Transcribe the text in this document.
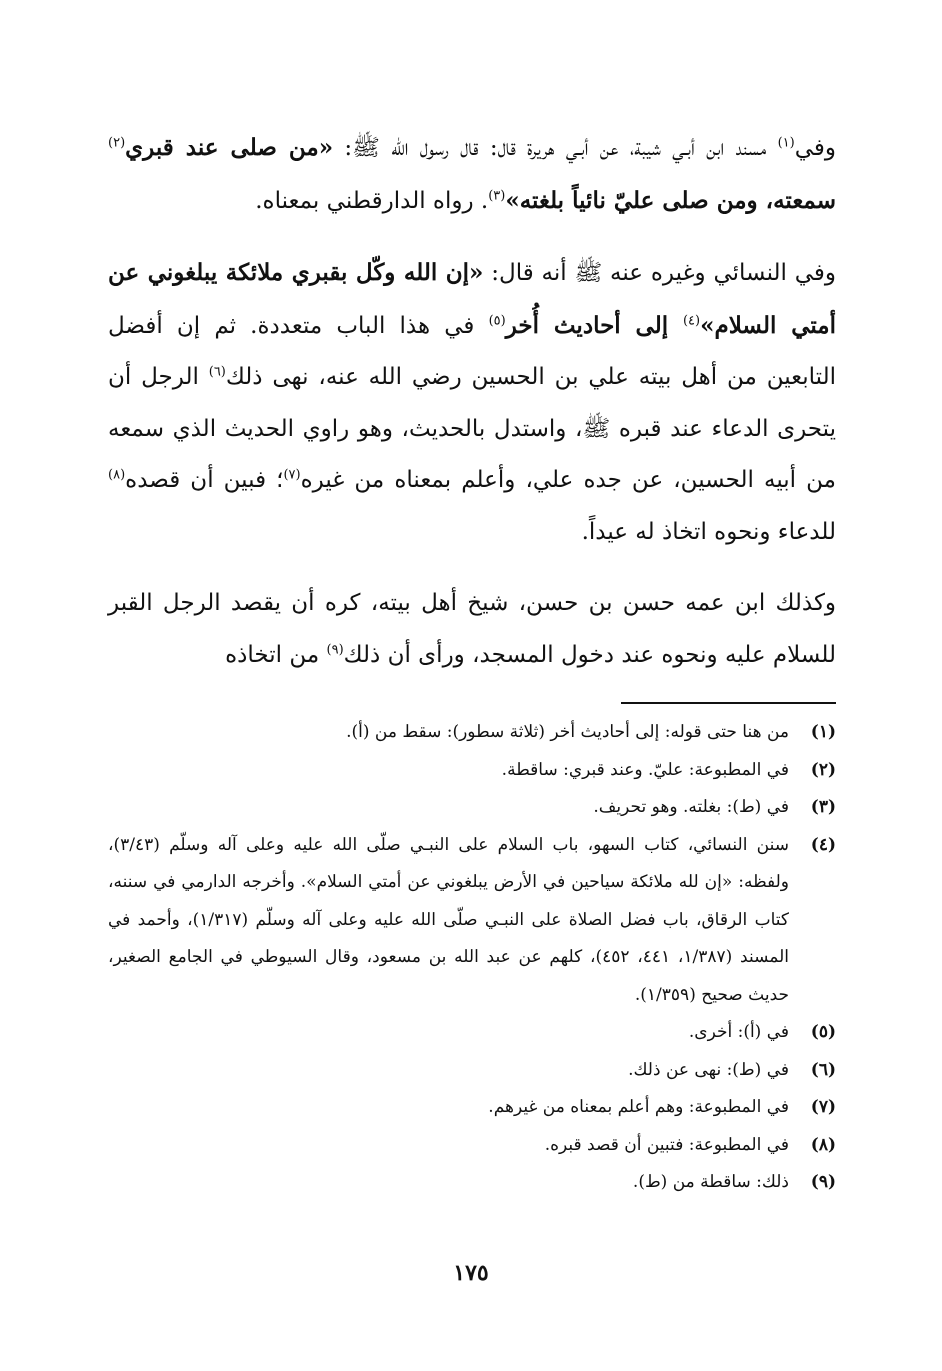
وفي$^{(١)}$ مسند ابن أبـي شيبة، عن أبـي هريرة قال: قال رسول الله ﷺ: «من صلى عند قبري$^{(٢)}$ سمعته، ومن صلى عليّ نائياً بلغته»$^{(٣)}$. رواه الدارقطني بمعناه.

وفي النسائي وغيره عنه ﷺ أنه قال: «إن الله وكّل بقبري ملائكة يبلغوني عن أمتي السلام»$^{(٤)}$ إلى أحاديث أُخر$^{(٥)}$ في هذا الباب متعددة. ثم إن أفضل التابعين من أهل بيته علي بن الحسين رضي الله عنه، نهى ذلك$^{(٦)}$ الرجل أن يتحرى الدعاء عند قبره ﷺ، واستدل بالحديث، وهو راوي الحديث الذي سمعه من أبيه الحسين، عن جده علي، وأعلم بمعناه من غيره$^{(٧)}$؛ فبين أن قصده$^{(٨)}$ للدعاء ونحوه اتخاذ له عيداً.

وكذلك ابن عمه حسن بن حسن، شيخ أهل بيته، كره أن يقصد الرجل القبر للسلام عليه ونحوه عند دخول المسجد، ورأى أن ذلك$^{(٩)}$ من اتخاذه

(١)
من هنا حتى قوله: إلى أحاديث أخر (ثلاثة سطور): سقط من (أ).
(٢)
في المطبوعة: عليّ. وعند قبري: ساقطة.
(٣)
في (ط): بغلته. وهو تحريف.
(٤)
سنن النسائي، كتاب السهو، باب السلام على النبـي صلّى الله عليه وعلى آله وسلّم (٣/٤٣)، ولفظه: «إن لله ملائكة سياحين في الأرض يبلغوني عن أمتي السلام». وأخرجه الدارمي في سننه، كتاب الرقاق، باب فضل الصلاة على النبـي صلّى الله عليه وعلى آله وسلّم (١/٣١٧)، وأحمد في المسند (١/٣٨٧، ٤٤١، ٤٥٢)، كلهم عن عبد الله بن مسعود، وقال السيوطي في الجامع الصغير، حديث صحيح (١/٣٥٩).
(٥)
في (أ): أخرى.
(٦)
في (ط): نهى عن ذلك.
(٧)
في المطبوعة: وهم أعلم بمعناه من غيرهم.
(٨)
في المطبوعة: فتبين أن قصد قبره.
(٩)
ذلك: ساقطة من (ط).
١٧٥
